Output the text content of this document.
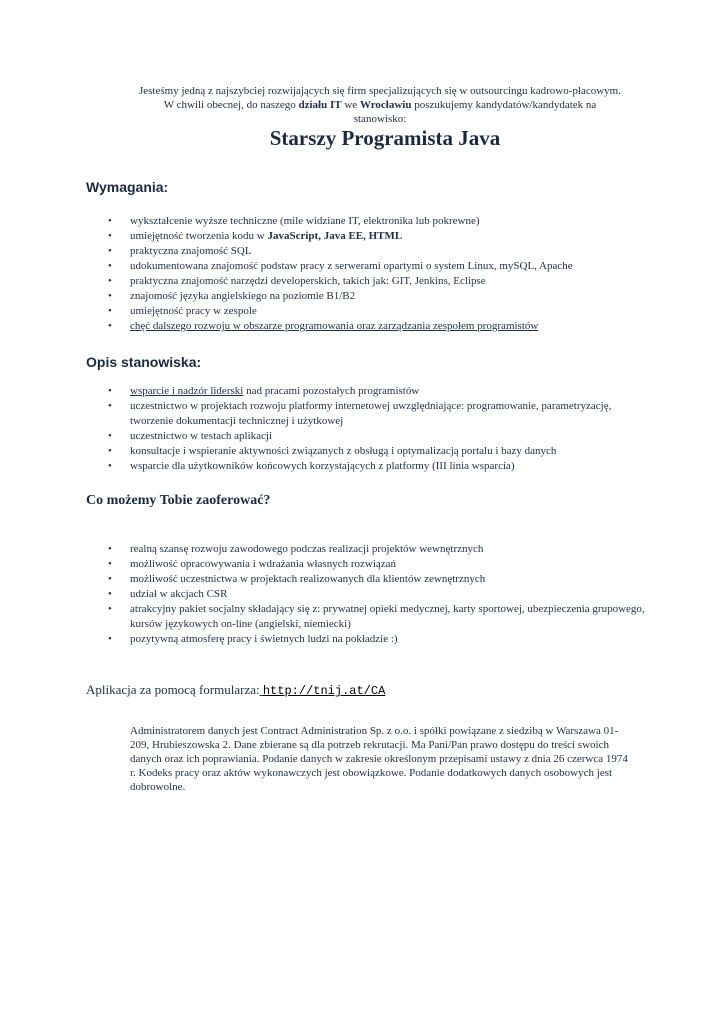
Jesteśmy jedną z najszybciej rozwijających się firm specjalizujących się w outsourcingu kadrowo-płacowym.
W chwili obecnej, do naszego działu IT we Wrocławiu poszukujemy kandydatów/kandydatek na
stanowisko:
Starszy Programista Java
Wymagania:
• wykształcenie wyższe techniczne (mile widziane IT, elektronika lub pokrewne)
• umiejętność tworzenia kodu w JavaScript, Java EE, HTML
• praktyczna znajomość SQL
• udokumentowana znajomość podstaw pracy z serwerami opartymi o system Linux, mySQL, Apache
• praktyczna znajomość narzędzi developerskich, takich jak: GIT, Jenkins, Eclipse
• znajomość języka angielskiego na poziomie B1/B2
• umiejętność pracy w zespole
• chęć dalszego rozwoju w obszarze programowania oraz zarządzania zespołem programistów
Opis stanowiska:
• wsparcie i nadzór liderski nad pracami pozostałych programistów
• uczestnictwo w projektach rozwoju platformy internetowej uwzględniające: programowanie, parametryzację, tworzenie dokumentacji technicznej i użytkowej
• uczestnictwo w testach aplikacji
• konsultacje i wspieranie aktywności związanych z obsługą i optymalizacją portalu i bazy danych
• wsparcie dla użytkowników końcowych korzystających z platformy (III linia wsparcia)
Co możemy Tobie zaoferować?
• realną szansę rozwoju zawodowego podczas realizacji projektów wewnętrznych
• możliwość opracowywania i wdrażania własnych rozwiązań
• możliwość uczestnictwa w projektach realizowanych dla klientów zewnętrznych
• udział w akcjach CSR
• atrakcyjny pakiet socjalny składający się z: prywatnej opieki medycznej, karty sportowej, ubezpieczenia grupowego, kursów językowych on-line (angielski, niemiecki)
• pozytywną atmosferę pracy i świetnych ludzi na pokładzie :)
Aplikacja za pomocą formularza: http://tnij.at/CA
Administratorem danych jest Contract Administration Sp. z o.o. i spółki powiązane z siedzibą w Warszawa 01-209, Hrubieszowska 2. Dane zbierane są dla potrzeb rekrutacji. Ma Pani/Pan prawo dostępu do treści swoich danych oraz ich poprawiania. Podanie danych w zakresie określonym przepisami ustawy z dnia 26 czerwca 1974 r. Kodeks pracy oraz aktów wykonawczych jest obowiązkowe. Podanie dodatkowych danych osobowych jest dobrowolne.
